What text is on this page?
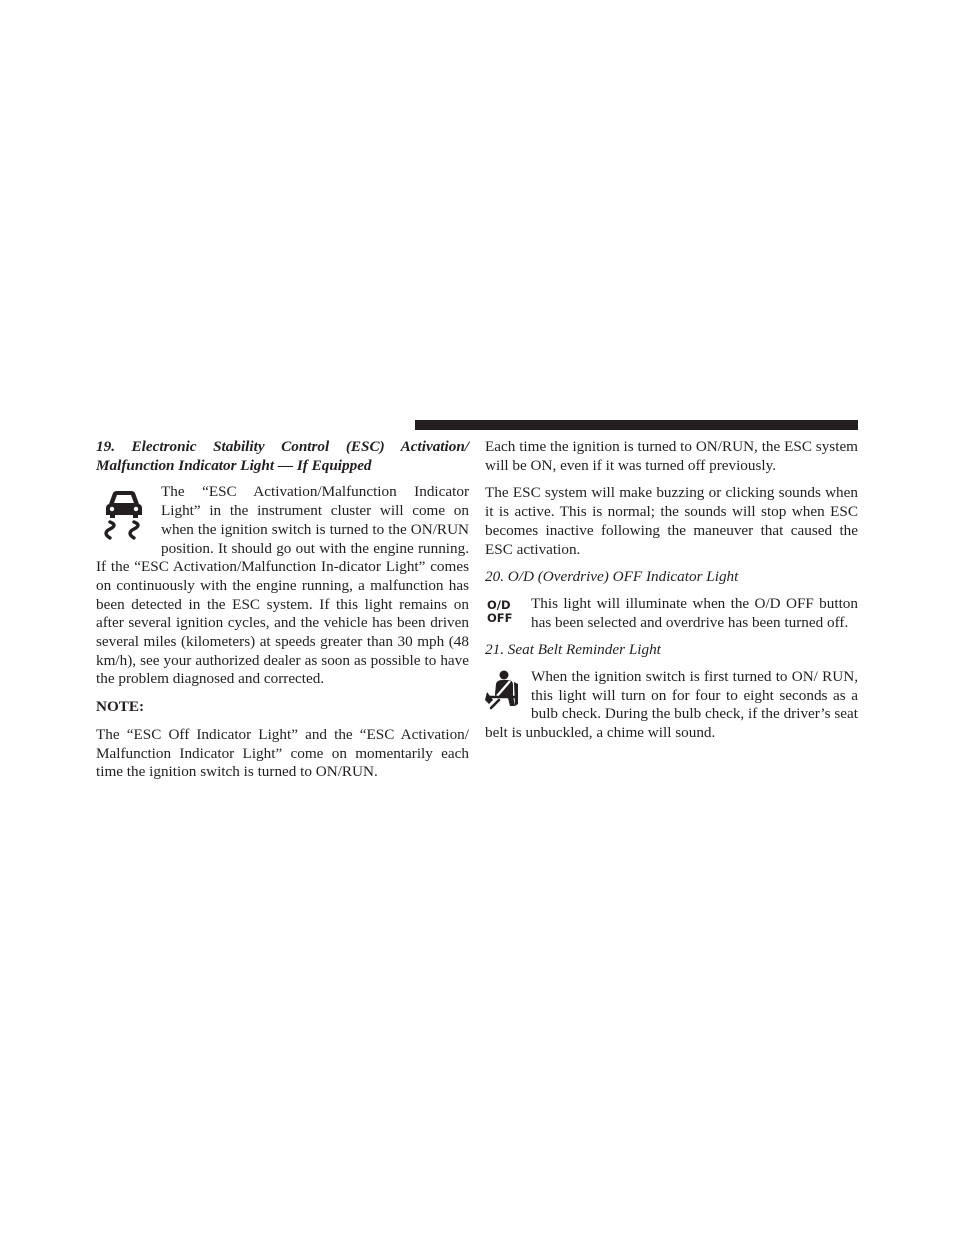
19. Electronic Stability Control (ESC) Activation/ Malfunction Indicator Light — If Equipped

The “ESC Activation/Malfunction Indicator Light” in the instrument cluster will come on when the ignition switch is turned to the ON/RUN position. It should go out with the engine running. If the “ESC Activation/Malfunction In-dicator Light” comes on continuously with the engine running, a malfunction has been detected in the ESC system. If this light remains on after several ignition cycles, and the vehicle has been driven several miles (kilometers) at speeds greater than 30 mph (48 km/h), see your authorized dealer as soon as possible to have the problem diagnosed and corrected.

NOTE:

The “ESC Off Indicator Light” and the “ESC Activation/ Malfunction Indicator Light” come on momentarily each time the ignition switch is turned to ON/RUN.

Each time the ignition is turned to ON/RUN, the ESC system will be ON, even if it was turned off previously.

The ESC system will make buzzing or clicking sounds when it is active. This is normal; the sounds will stop when ESC becomes inactive following the maneuver that caused the ESC activation.

20. O/D (Overdrive) OFF Indicator Light

O/D
OFF

This light will illuminate when the O/D OFF button has been selected and overdrive has been turned off.

21. Seat Belt Reminder Light

When the ignition switch is first turned to ON/ RUN, this light will turn on for four to eight seconds as a bulb check. During the bulb check, if the driver’s seat belt is unbuckled, a chime will sound.
